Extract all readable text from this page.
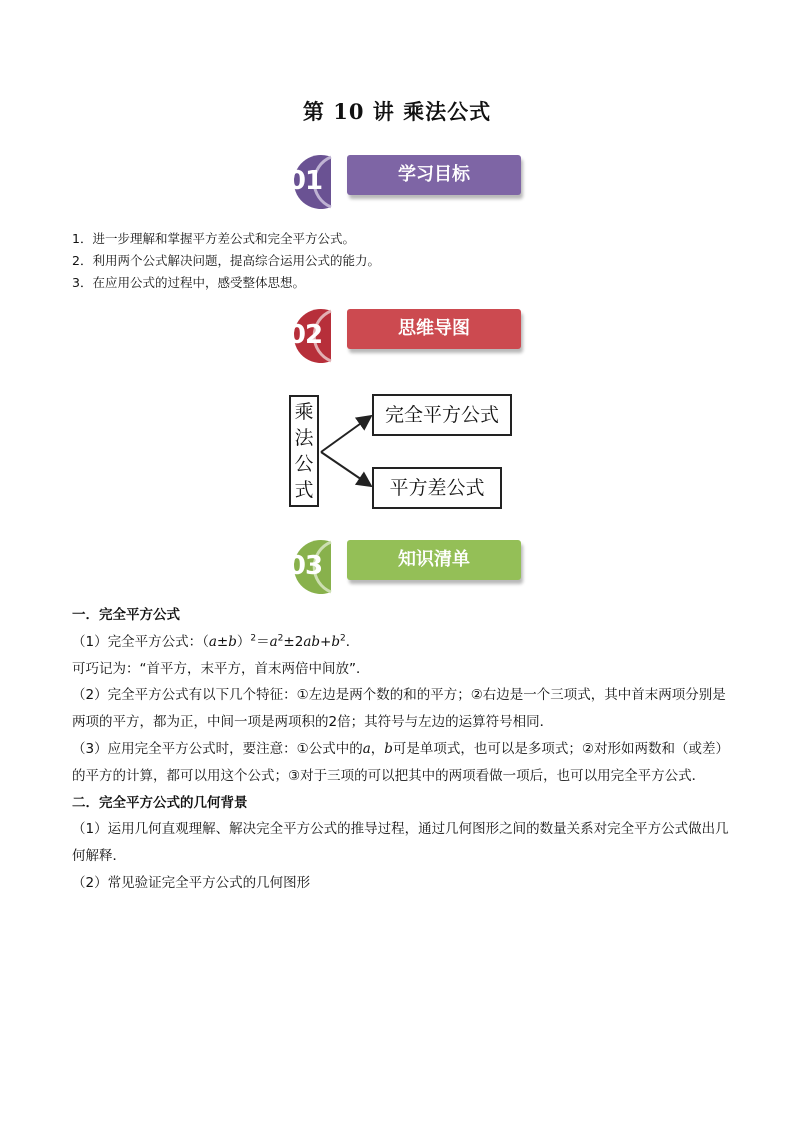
第 10 讲 乘法公式
01	学习目标
1．进一步理解和掌握平方差公式和完全平方公式。
2．利用两个公式解决问题，提高综合运用公式的能力。
3．在应用公式的过程中，感受整体思想。
02	思维导图
乘
法
公
式
完全平方公式
平方差公式
03	知识清单

一．完全平方公式

（1）完全平方公式：$(a\pm b)^2=a^2\pm 2ab+b^2$．

可巧记为：“首平方，末平方，首末两倍中间放”．

（2）完全平方公式有以下几个特征：①左边是两个数的和的平方；②右边是一个三项式，其中首末两项分别是两项的平方，都为正，中间一项是两项积的2倍；其符号与左边的运算符号相同．

（3）应用完全平方公式时，要注意：①公式中的a，b可是单项式，也可以是多项式；②对形如两数和（或差）的平方的计算，都可以用这个公式；③对于三项的可以把其中的两项看做一项后，也可以用完全平方公式．

二．完全平方公式的几何背景

（1）运用几何直观理解、解决完全平方公式的推导过程，通过几何图形之间的数量关系对完全平方公式做出几何解释．

（2）常见验证完全平方公式的几何图形
